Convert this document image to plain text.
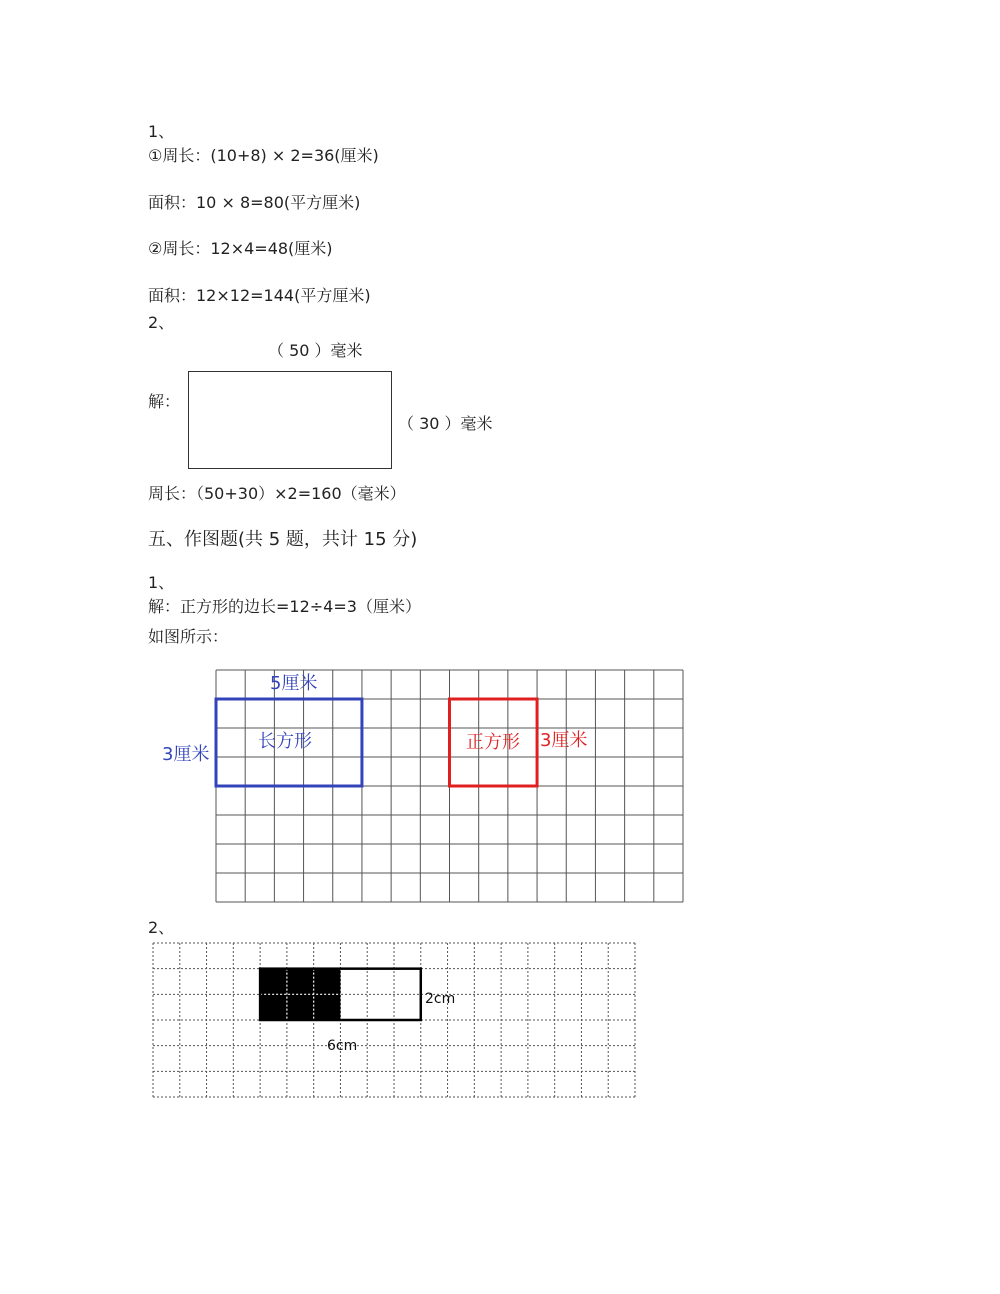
1、
①周长：(10+8) × 2=36(厘米)
面积：10 × 8=80(平方厘米)
②周长：12×4=48(厘米)
面积：12×12=144(平方厘米)
2、
（ 50 ）毫米
解：
（ 30 ）毫米
周长：（50+30）×2=160（毫米）
五、作图题(共 5 题，共计 15 分)
1、
解：正方形的边长=12÷4=3（厘米）
如图所示：
5厘米
3厘米
长方形	正方形 3厘米
2、
2cm
6cm
